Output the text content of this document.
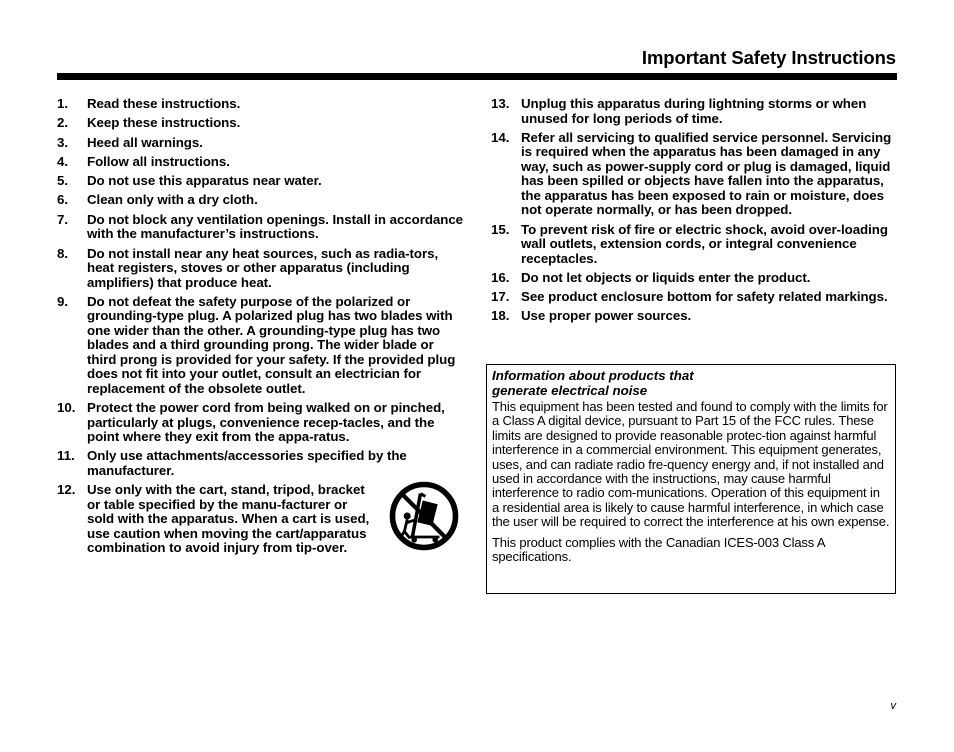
Important Safety Instructions
1.	Read these instructions.
2.	Keep these instructions.
3.	Heed all warnings.
4.	Follow all instructions.
5.	Do not use this apparatus near water.
6.	Clean only with a dry cloth.
7.	Do not block any ventilation openings. Install in accordance with the manufacturer’s instructions.
8.	Do not install near any heat sources, such as radia-tors, heat registers, stoves or other apparatus (including amplifiers) that produce heat.
9.	Do not defeat the safety purpose of the polarized or grounding-type plug. A polarized plug has two blades with one wider than the other. A grounding-type plug has two blades and a third grounding prong. The wider blade or third prong is provided for your safety. If the provided plug does not fit into your outlet, consult an electrician for replacement of the obsolete outlet.
10. Protect the power cord from being walked on or pinched, particularly at plugs, convenience recep-tacles, and the point where they exit from the appa-ratus.
11. Only use attachments/accessories specified by the manufacturer.
12. Use only with the cart, stand, tripod, bracket or table specified by the manu-facturer or sold with the apparatus. When a cart is used, use caution when moving the cart/apparatus combination to avoid injury from tip-over.
13. Unplug this apparatus during lightning storms or when unused for long periods of time.
14. Refer all servicing to qualified service personnel. Servicing is required when the apparatus has been damaged in any way, such as power-supply cord or plug is damaged, liquid has been spilled or objects have fallen into the apparatus, the apparatus has been exposed to rain or moisture, does not operate normally, or has been dropped.
15. To prevent risk of fire or electric shock, avoid over-loading wall outlets, extension cords, or integral convenience receptacles.
16. Do not let objects or liquids enter the product.
17. See product enclosure bottom for safety related markings.
18. Use proper power sources.
Information about products that
generate electrical noise

This equipment has been tested and found to comply with the limits for a Class A digital device, pursuant to Part 15 of the FCC rules. These limits are designed to provide reasonable protec-tion against harmful interference in a commercial environment. This equipment generates, uses, and can radiate radio fre-quency energy and, if not installed and used in accordance with the instructions, may cause harmful interference to radio com-munications. Operation of this equipment in a residential area is likely to cause harmful interference, in which case the user will be required to correct the interference at his own expense.

This product complies with the Canadian ICES-003 Class A specifications.

v
